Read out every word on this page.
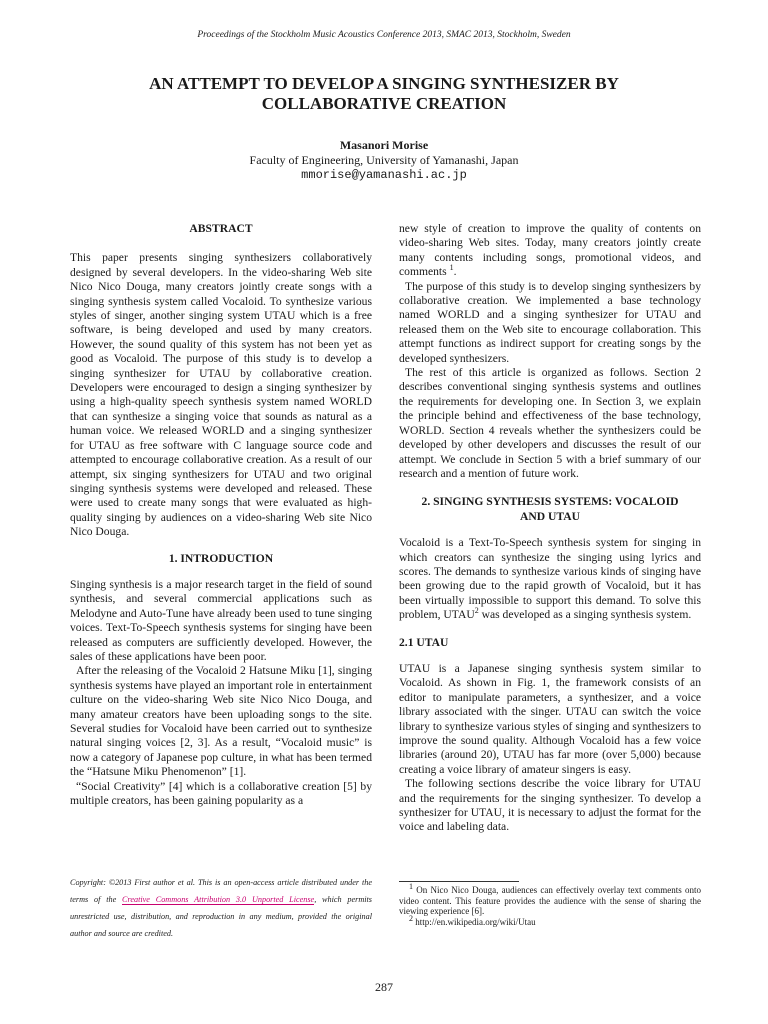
Proceedings of the Stockholm Music Acoustics Conference 2013, SMAC 2013, Stockholm, Sweden
AN ATTEMPT TO DEVELOP A SINGING SYNTHESIZER BY
COLLABORATIVE CREATION
Masanori Morise
Faculty of Engineering, University of Yamanashi, Japan
mmorise@yamanashi.ac.jp

ABSTRACT

This paper presents singing synthesizers collaboratively designed by several developers. In the video-sharing Web site Nico Nico Douga, many creators jointly create songs with a singing synthesis system called Vocaloid. To synthesize various styles of singer, another singing system UTAU which is a free software, is being developed and used by many creators. However, the sound quality of this system has not been yet as good as Vocaloid. The purpose of this study is to develop a singing synthesizer for UTAU by collaborative creation. Developers were encouraged to design a singing synthesizer by using a high-quality speech synthesis system named WORLD that can synthesize a singing voice that sounds as natural as a human voice. We released WORLD and a singing synthesizer for UTAU as free software with C language source code and attempted to encourage collaborative creation. As a result of our attempt, six singing synthesizers for UTAU and two original singing synthesis systems were developed and released. These were used to create many songs that were evaluated as high-quality singing by audiences on a video-sharing Web site Nico Nico Douga.

1. INTRODUCTION

Singing synthesis is a major research target in the field of sound synthesis, and several commercial applications such as Melodyne and Auto-Tune have already been used to tune singing voices. Text-To-Speech synthesis systems for singing have been released as computers are sufficiently developed. However, the sales of these applications have been poor.

After the releasing of the Vocaloid 2 Hatsune Miku [1], singing synthesis systems have played an important role in entertainment culture on the video-sharing Web site Nico Nico Douga, and many amateur creators have been uploading songs to the site. Several studies for Vocaloid have been carried out to synthesize natural singing voices [2, 3]. As a result, “Vocaloid music” is now a category of Japanese pop culture, in what has been termed the “Hatsune Miku Phenomenon” [1].

“Social Creativity” [4] which is a collaborative creation [5] by multiple creators, has been gaining popularity as a

new style of creation to improve the quality of contents on video-sharing Web sites. Today, many creators jointly create many contents including songs, promotional videos, and comments $^1$.

The purpose of this study is to develop singing synthesizers by collaborative creation. We implemented a base technology named WORLD and a singing synthesizer for UTAU and released them on the Web site to encourage collaboration. This attempt functions as indirect support for creating songs by the developed synthesizers.

The rest of this article is organized as follows. Section 2 describes conventional singing synthesis systems and outlines the requirements for developing one. In Section 3, we explain the principle behind and effectiveness of the base technology, WORLD. Section 4 reveals whether the synthesizers could be developed by other developers and discusses the result of our attempt. We conclude in Section 5 with a brief summary of our research and a mention of future work.

2. SINGING SYNTHESIS SYSTEMS: VOCALOID

AND UTAU

Vocaloid is a Text-To-Speech synthesis system for singing in which creators can synthesize the singing using lyrics and scores. The demands to synthesize various kinds of singing have been growing due to the rapid growth of Vocaloid, but it has been virtually impossible to support this demand. To solve this problem, UTAU$^2$ was developed as a singing synthesis system.

2.1 UTAU

UTAU is a Japanese singing synthesis system similar to Vocaloid. As shown in Fig. 1, the framework consists of an editor to manipulate parameters, a synthesizer, and a voice library associated with the singer. UTAU can switch the voice library to synthesize various styles of singing and synthesizers to improve the sound quality. Although Vocaloid has a few voice libraries (around 20), UTAU has far more (over 5,000) because creating a voice library of amateur singers is easy.

The following sections describe the voice library for UTAU and the requirements for the singing synthesizer. To develop a synthesizer for UTAU, it is necessary to adjust the format for the voice and labeling data.

Copyright: ©2013 First author et al. This is an open-access article distributed under the terms of the Creative Commons Attribution 3.0 Unported License, which permits unrestricted use, distribution, and reproduction in any medium, provided the original author and source are credited.

$^1$ On Nico Nico Douga, audiences can effectively overlay text comments onto video content. This feature provides the audience with the sense of sharing the viewing experience [6].

$^2$ http://en.wikipedia.org/wiki/Utau

287
